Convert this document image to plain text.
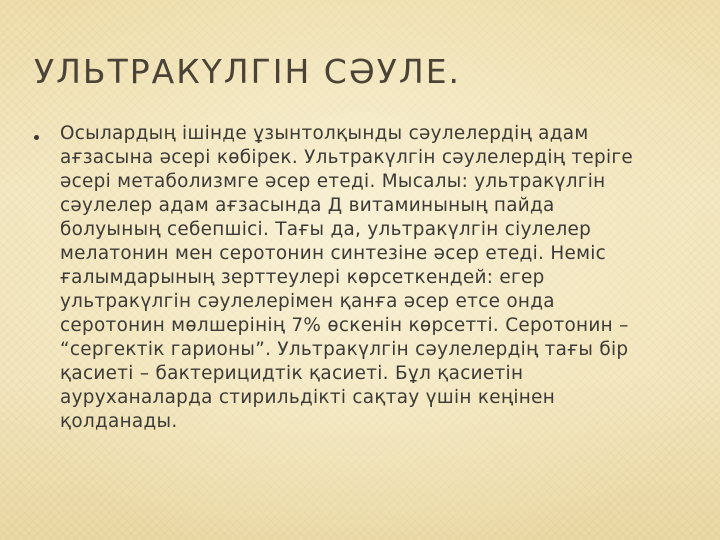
УЛЬТРАКҮЛГІН СӘУЛЕ.
Осылардың ішінде ұзынтолқынды сәулелердің адам
ағзасына әсері көбірек. Ультракүлгін сәулелердің теріге
әсері метаболизмге әсер етеді. Мысалы: ультракүлгін
сәулелер адам ағзасында Д витаминының пайда
болуының себепшісі. Тағы да, ультракүлгін сіулелер
мелатонин мен серотонин синтезіне әсер етеді. Неміс
ғалымдарының зерттеулері көрсеткендей: егер
ультракүлгін сәулелерімен қанға әсер етсе онда
серотонин мөлшерінің 7% өскенін көрсетті. Серотонин –
“сергектік гарионы”. Ультракүлгін сәулелердің тағы бір
қасиеті – бактерицидтік қасиеті. Бұл қасиетін
ауруханаларда стирильдікті сақтау үшін кеңінен
қолданады.
